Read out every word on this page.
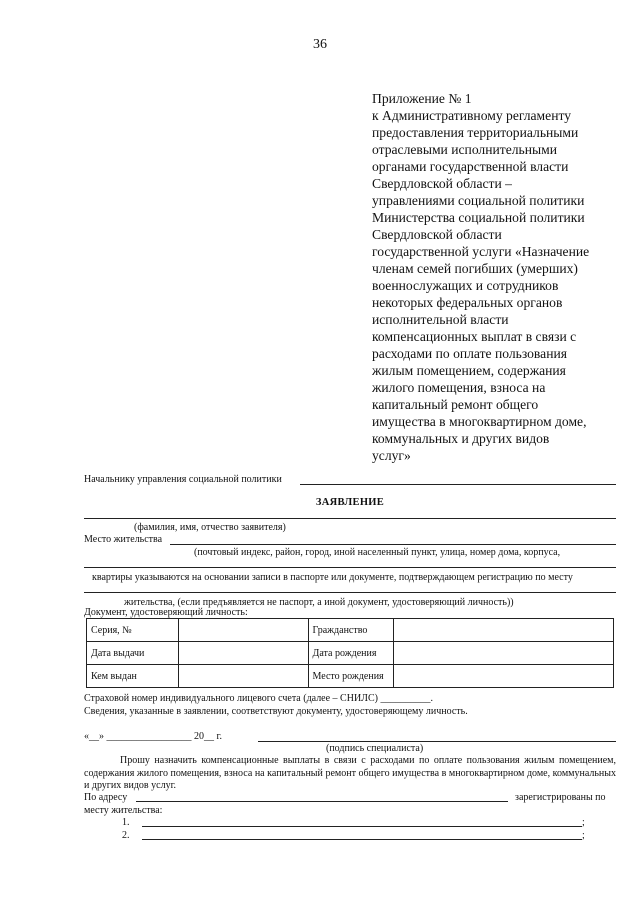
36
Приложение № 1
к Административному регламенту
предоставления территориальными
отраслевыми исполнительными
органами государственной власти
Свердловской области –
управлениями социальной политики
Министерства социальной политики
Свердловской области
государственной услуги «Назначение
членам семей погибших (умерших)
военнослужащих и сотрудников
некоторых федеральных органов
исполнительной власти
компенсационных выплат в связи с
расходами по оплате пользования
жилым помещением, содержания
жилого помещения, взноса на
капитальный ремонт общего
имущества в многоквартирном доме,
коммунальных и других видов
услуг»
Начальнику управления социальной политики
ЗАЯВЛЕНИЕ
(фамилия, имя, отчество заявителя)
Место жительства
(почтовый индекс, район, город, иной населенный пункт, улица, номер дома, корпуса,
квартиры указываются на основании записи в паспорте или документе, подтверждающем регистрацию по месту
жительства, (если предъявляется не паспорт, а иной документ, удостоверяющий личность))
Документ, удостоверяющий личность:
Серия, №		Гражданство	
Дата выдачи		Дата рождения	
Кем выдан		Место рождения	
Страховой номер индивидуального лицевого счета (далее – СНИЛС) __________.
Сведения, указанные в заявлении, соответствуют документу, удостоверяющему личность.
«__» _________________ 20__ г.
(подпись специалиста)
Прошу назначить компенсационные выплаты в связи с расходами по оплате пользования жилым помещением, содержания жилого помещения, взноса на капитальный ремонт общего имущества в многоквартирном доме, коммунальных и других видов услуг.
По адресу	зарегистрированы по
месту жительства:
1.	;
2.	;
